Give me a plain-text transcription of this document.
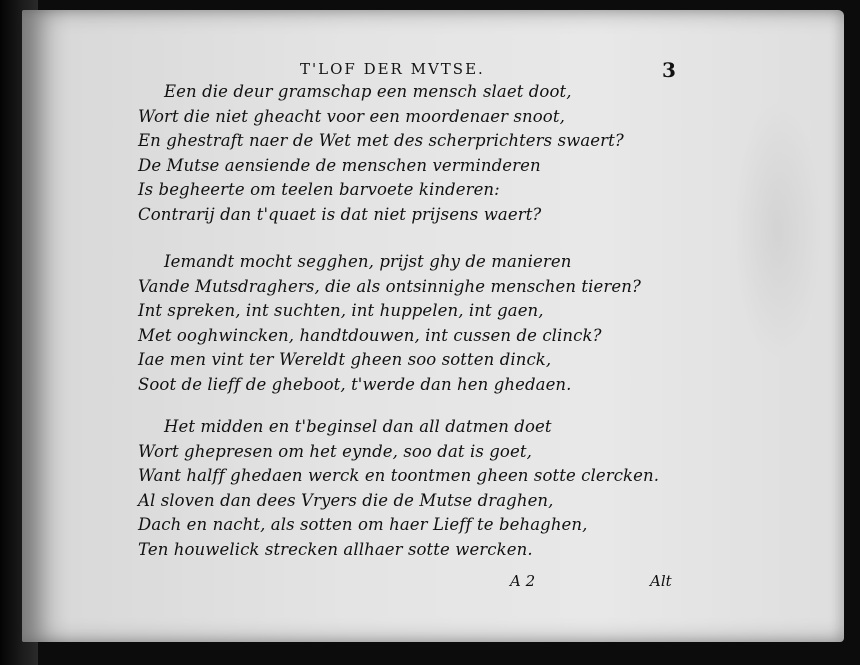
T'LOF DER MVTSE.	3
Een die deur gramschap een mensch slaet doot,
Wort die niet gheacht voor een moordenaer snoot,
En ghestraft naer de Wet met des scherprichters swaert?
De Mutse aensiende de menschen verminderen
Is begheerte om teelen barvoete kinderen:
Contrarij dan t'quaet is dat niet prijsens waert?
Iemandt mocht segghen, prijst ghy de manieren
Vande Mutsdraghers, die als ontsinnighe menschen tieren?
Int spreken, int suchten, int huppelen, int gaen,
Met ooghwincken, handtdouwen, int cussen de clinck?
Iae men vint ter Wereldt gheen soo sotten dinck,
Soot de lieff de gheboot, t'werde dan hen ghedaen.
Het midden en t'beginsel dan all datmen doet
Wort ghepresen om het eynde, soo dat is goet,
Want halff ghedaen werck en toontmen gheen sotte clercken.
Al sloven dan dees Vryers die de Mutse draghen,
Dach en nacht, als sotten om haer Lieff te behaghen,
Ten houwelick strecken allhaer sotte wercken.
A 2	Alt
